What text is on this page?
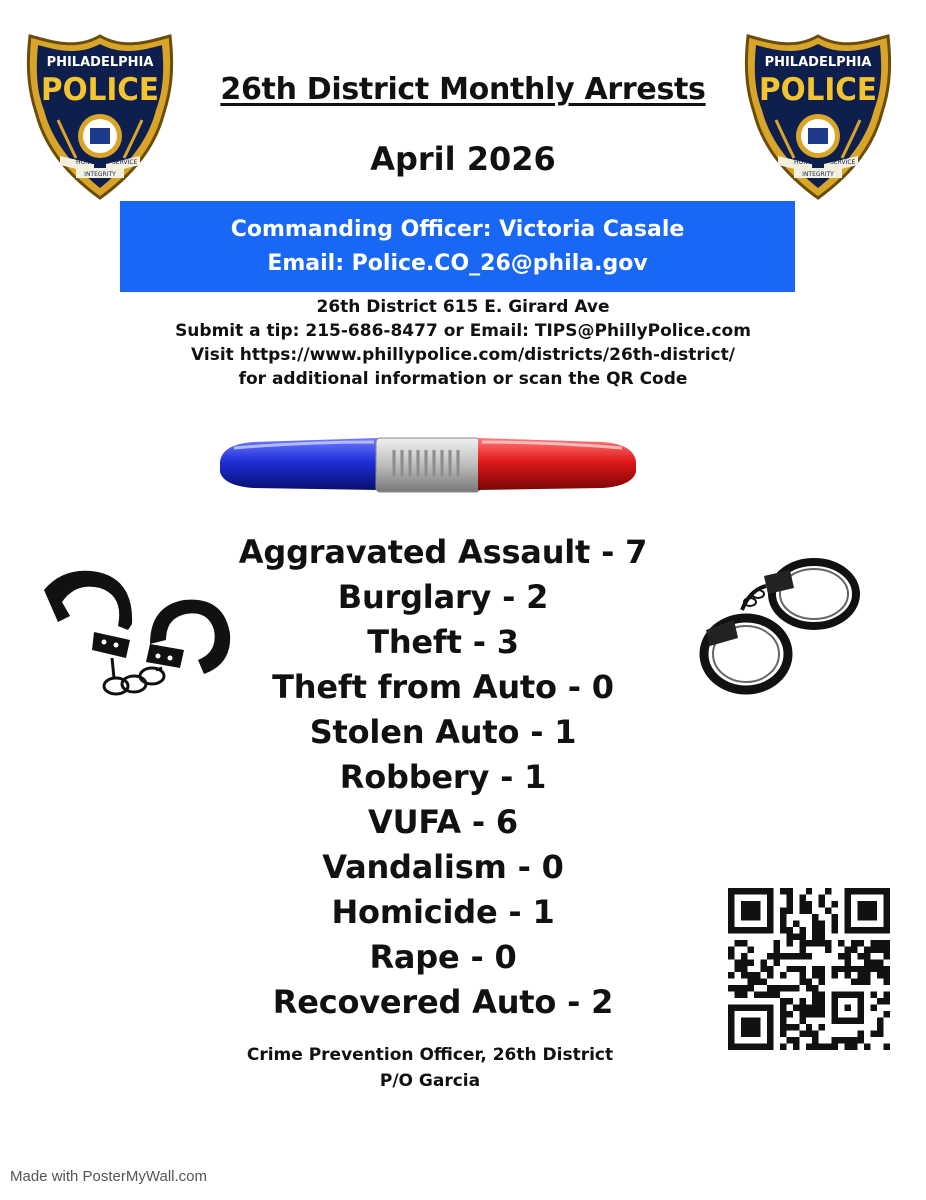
PHILADELPHIA
POLICE
HONOR
INTEGRITY
SERVICE
PHILADELPHIA
POLICE
HONOR
INTEGRITY
SERVICE
26th District Monthly Arrests
April 2026
Commanding Officer: Victoria Casale
Email: Police.CO_26@phila.gov
26th District 615 E. Girard Ave
Submit a tip: 215-686-8477 or Email: TIPS@PhillyPolice.com
Visit https://www.phillypolice.com/districts/26th-district/
for additional information or scan the QR Code
Aggravated Assault - 7
Burglary - 2
Theft - 3
Theft from Auto - 0
Stolen Auto - 1
Robbery - 1
VUFA - 6
Vandalism - 0
Homicide - 1
Rape - 0
Recovered Auto - 2
Crime Prevention Officer, 26th District
P/O Garcia
Made with PosterMyWall.com
